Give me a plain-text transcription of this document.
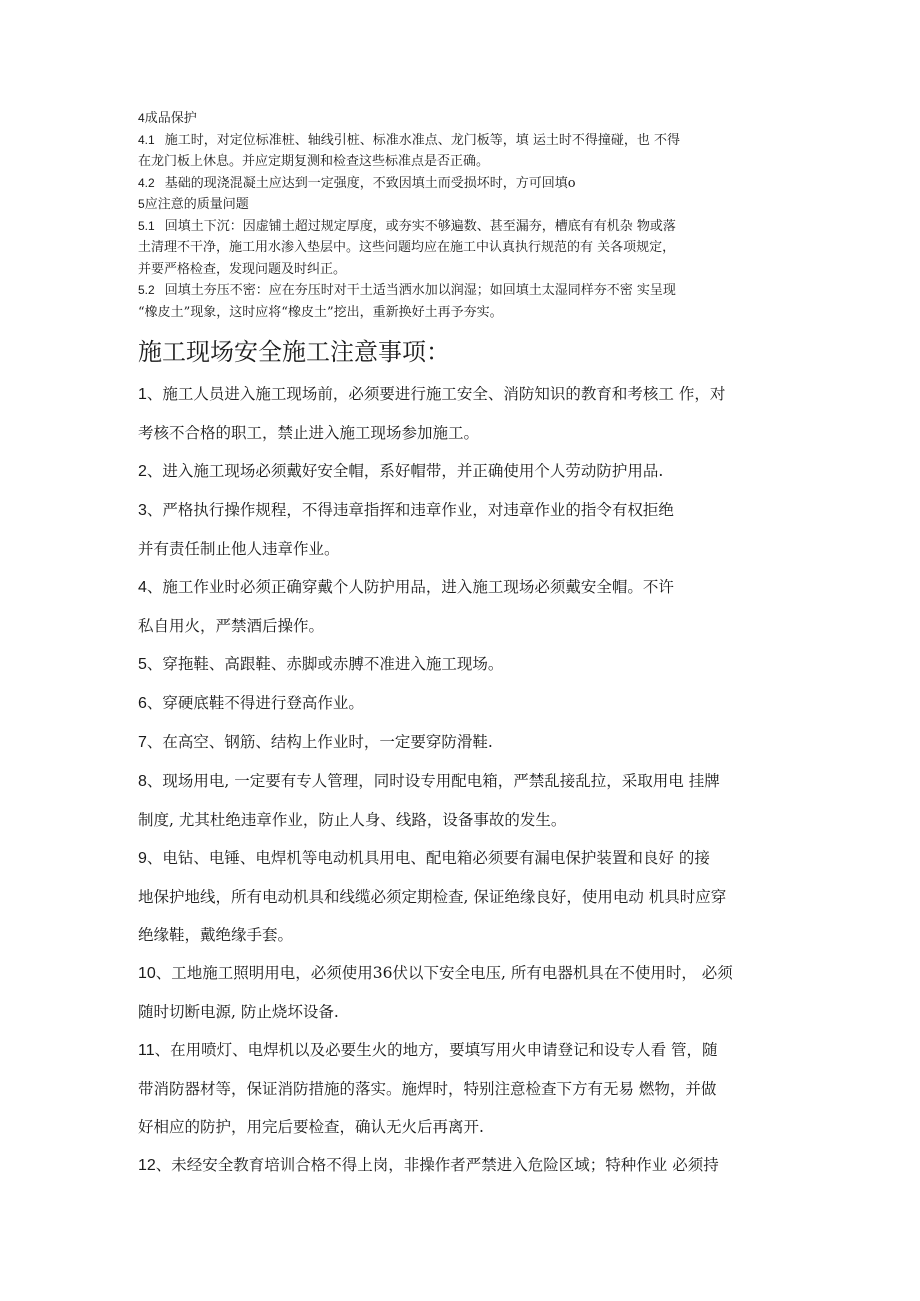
4成品保护

4.1 施工时，对定位标准桩、轴线引桩、标准水准点、龙门板等，填 运土时不得撞碰，也 不得
在龙门板上休息。并应定期复测和检查这些标准点是否正确。

4.2 基础的现浇混凝土应达到一定强度，不致因填土而受损坏时，方可回填o

5应注意的质量问题

5.1 回填土下沉：因虚铺土超过规定厚度，或夯实不够遍数、甚至漏夯，槽底有有机杂 物或落
土清理不干净，施工用水渗入垫层中。这些问题均应在施工中认真执行规范的有 关各项规定，
并要严格检查，发现问题及时纠正。

5.2 回填土夯压不密：应在夯压时对干土适当洒水加以润湿；如回填土太湿同样夯不密 实呈现
“橡皮土”现象，这时应将“橡皮土”挖出，重新换好土再予夯实。

施工现场安全施工注意事项：

1、施工人员进入施工现场前，必须要进行施工安全、消防知识的教育和考核工 作，对
考核不合格的职工，禁止进入施工现场参加施工。

2、进入施工现场必须戴好安全帽，系好帽带，并正确使用个人劳动防护用品.

3、严格执行操作规程，不得违章指挥和违章作业，对违章作业的指令有权拒绝
并有责任制止他人违章作业。

4、施工作业时必须正确穿戴个人防护用品，进入施工现场必须戴安全帽。不许
私自用火，严禁酒后操作。

5、穿拖鞋、高跟鞋、赤脚或赤膊不准进入施工现场。

6、穿硬底鞋不得进行登高作业。

7、在高空、钢筋、结构上作业时，一定要穿防滑鞋.

8、现场用电, 一定要有专人管理，同时设专用配电箱，严禁乱接乱拉，采取用电 挂牌
制度, 尤其杜绝违章作业，防止人身、线路，设备事故的发生。

9、电钻、电锤、电焊机等电动机具用电、配电箱必须要有漏电保护装置和良好 的接
地保护地线，所有电动机具和线缆必须定期检查, 保证绝缘良好，使用电动 机具时应穿
绝缘鞋，戴绝缘手套。

10、工地施工照明用电，必须使用36伏以下安全电压, 所有电器机具在不使用时， 必须
随时切断电源, 防止烧坏设备.

11、在用喷灯、电焊机以及必要生火的地方，要填写用火申请登记和设专人看 管，随
带消防器材等，保证消防措施的落实。施焊时，特别注意检查下方有无易 燃物，并做
好相应的防护，用完后要检查，确认无火后再离开.

12、未经安全教育培训合格不得上岗，非操作者严禁进入危险区域；特种作业 必须持
